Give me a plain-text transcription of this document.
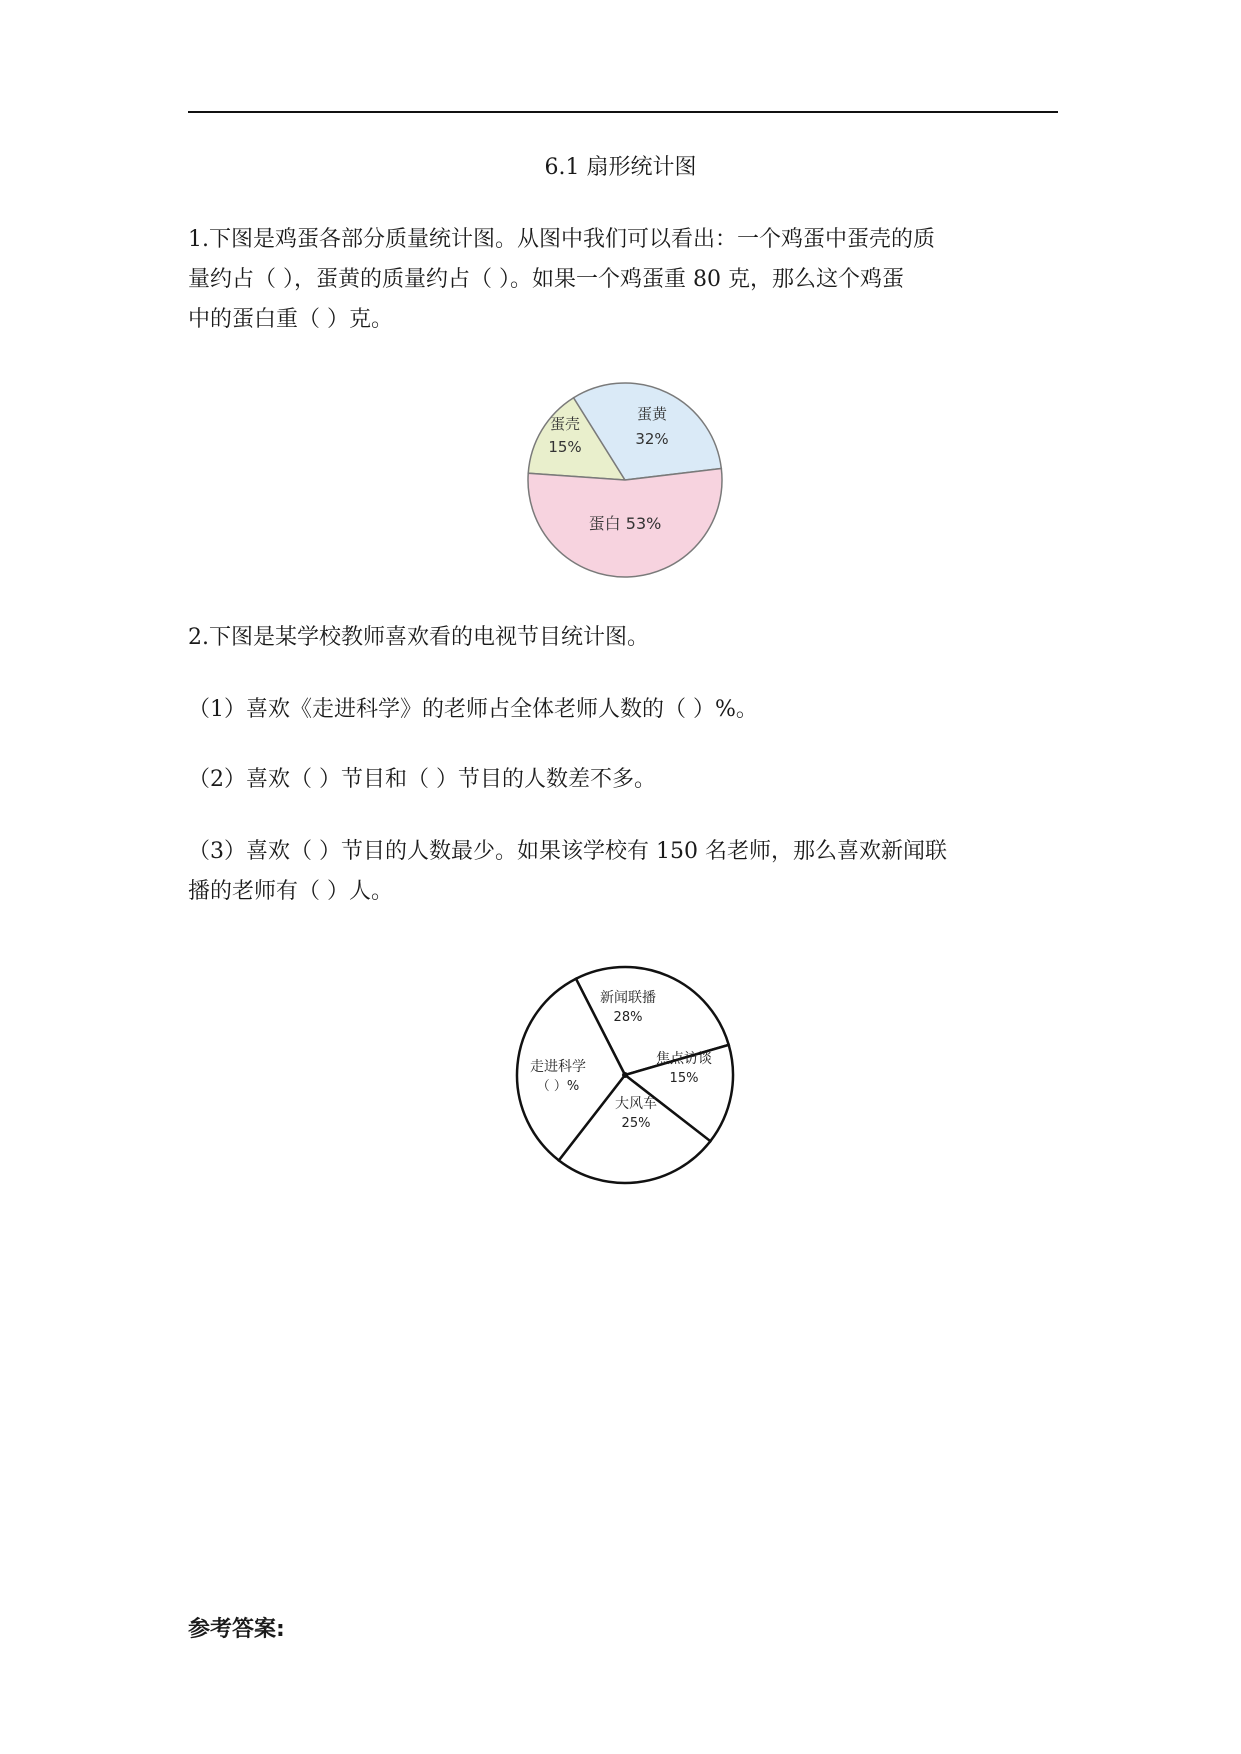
6.1 扇形统计图

1.下图是鸡蛋各部分质量统计图。从图中我们可以看出：一个鸡蛋中蛋壳的质
量约占（ ），蛋黄的质量约占（ ）。如果一个鸡蛋重 80 克，那么这个鸡蛋
中的蛋白重（ ）克。

蛋壳
15%
蛋黄
32%
蛋白 53%

2.下图是某学校教师喜欢看的电视节目统计图。

（1）喜欢《走进科学》的老师占全体老师人数的（ ）%。

（2）喜欢（ ）节目和（ ）节目的人数差不多。

（3）喜欢（ ）节目的人数最少。如果该学校有 150 名老师，那么喜欢新闻联
播的老师有（ ）人。

新闻联播
28%
焦点访谈
15%
大风车
25%
走进科学
（ ）%
参考答案:
